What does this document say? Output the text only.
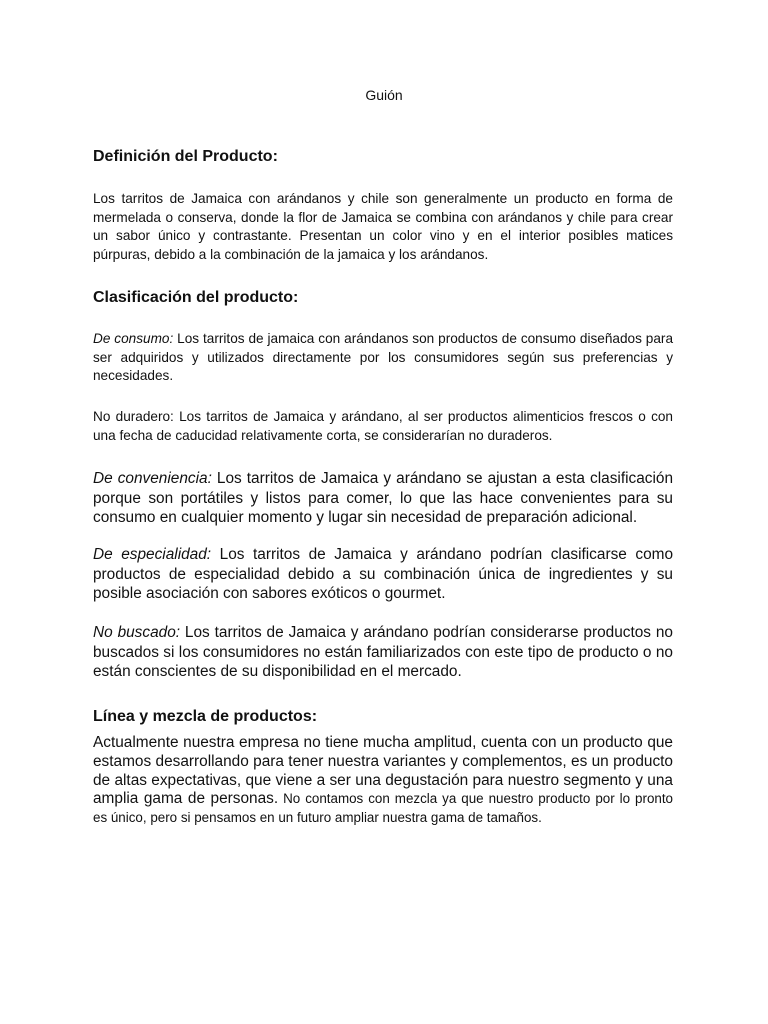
Guión
Definición del Producto:

Los tarritos de Jamaica con arándanos y chile son generalmente un producto en forma de mermelada o conserva, donde la flor de Jamaica se combina con arándanos y chile para crear un sabor único y contrastante. Presentan un color vino y en el interior posibles matices púrpuras, debido a la combinación de la jamaica y los arándanos.

Clasificación del producto:

De consumo: Los tarritos de jamaica con arándanos son productos de consumo diseñados para ser adquiridos y utilizados directamente por los consumidores según sus preferencias y necesidades.

No duradero: Los tarritos de Jamaica y arándano, al ser productos alimenticios frescos o con una fecha de caducidad relativamente corta, se considerarían no duraderos.

De conveniencia: Los tarritos de Jamaica y arándano se ajustan a esta clasificación porque son portátiles y listos para comer, lo que las hace convenientes para su consumo en cualquier momento y lugar sin necesidad de preparación adicional.

De especialidad: Los tarritos de Jamaica y arándano podrían clasificarse como productos de especialidad debido a su combinación única de ingredientes y su posible asociación con sabores exóticos o gourmet.

No buscado: Los tarritos de Jamaica y arándano podrían considerarse productos no buscados si los consumidores no están familiarizados con este tipo de producto o no están conscientes de su disponibilidad en el mercado.

Línea y mezcla de productos:

Actualmente nuestra empresa no tiene mucha amplitud, cuenta con un producto que estamos desarrollando para tener nuestra variantes y complementos, es un producto de altas expectativas, que viene a ser una degustación para nuestro segmento y una amplia gama de personas. No contamos con mezcla ya que nuestro producto por lo pronto es único, pero si pensamos en un futuro ampliar nuestra gama de tamaños.
